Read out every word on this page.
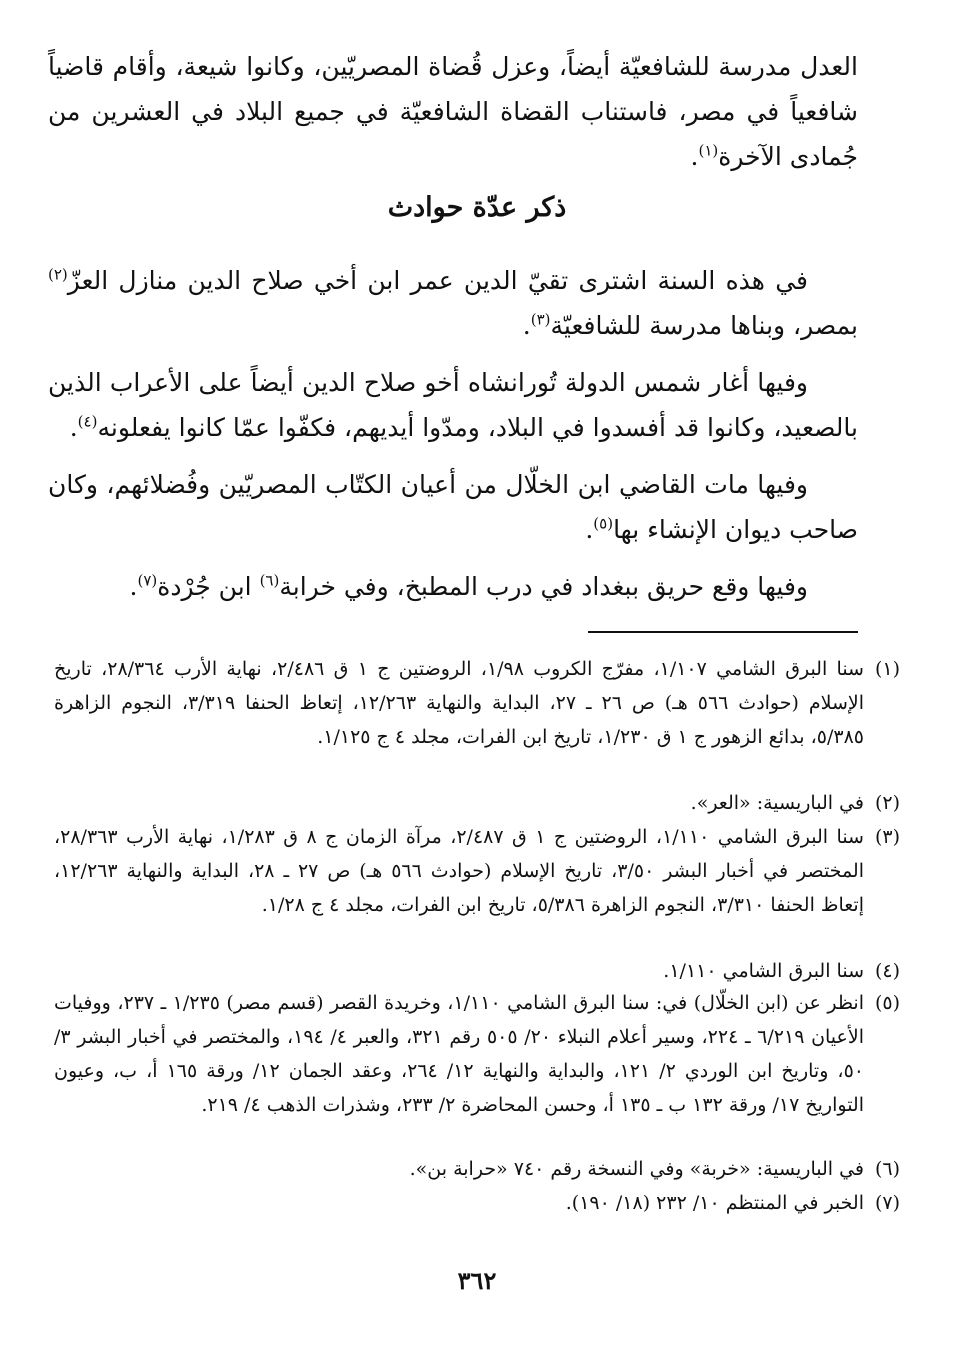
العدل مدرسة للشافعيّة أيضاً، وعزل قُضاة المصريّين، وكانوا شيعة، وأقام قاضياً شافعياً في مصر، فاستناب القضاة الشافعيّة في جميع البلاد في العشرين من جُمادى الآخرة$^{(١)}$.
ذكر عدّة حوادث
في هذه السنة اشترى تقيّ الدين عمر ابن أخي صلاح الدين منازل العزّ$^{(٢)}$ بمصر، وبناها مدرسة للشافعيّة$^{(٣)}$.
وفيها أغار شمس الدولة تُورانشاه أخو صلاح الدين أيضاً على الأعراب الذين بالصعيد، وكانوا قد أفسدوا في البلاد، ومدّوا أيديهم، فكفّوا عمّا كانوا يفعلونه$^{(٤)}$.
وفيها مات القاضي ابن الخلّال من أعيان الكتّاب المصريّين وفُضلائهم، وكان صاحب ديوان الإنشاء بها$^{(٥)}$.
وفيها وقع حريق ببغداد في درب المطبخ، وفي خرابة$^{(٦)}$ ابن جُرْدة$^{(٧)}$.
(١)
سنا البرق الشامي ١/١٠٧، مفرّج الكروب ١/٩٨، الروضتين ج ١ ق ٢/٤٨٦، نهاية الأرب ٢٨/٣٦٤، تاريخ الإسلام (حوادث ٥٦٦ هـ) ص ٢٦ ـ ٢٧، البداية والنهاية ١٢/٢٦٣، إتعاظ الحنفا ٣/٣١٩، النجوم الزاهرة ٥/٣٨٥، بدائع الزهور ج ١ ق ١/٢٣٠، تاريخ ابن الفرات، مجلد ٤ ج ١/١٢٥.
(٢)
في الباريسية: «العر».
(٣)
سنا البرق الشامي ١/١١٠، الروضتين ج ١ ق ٢/٤٨٧، مرآة الزمان ج ٨ ق ١/٢٨٣، نهاية الأرب ٢٨/٣٦٣، المختصر في أخبار البشر ٣/٥٠، تاريخ الإسلام (حوادث ٥٦٦ هـ) ص ٢٧ ـ ٢٨، البداية والنهاية ١٢/٢٦٣، إتعاظ الحنفا ٣/٣١٠، النجوم الزاهرة ٥/٣٨٦، تاريخ ابن الفرات، مجلد ٤ ج ١/٢٨.
(٤)
سنا البرق الشامي ١/١١٠.
(٥)
انظر عن (ابن الخلّال) في: سنا البرق الشامي ١/١١٠، وخريدة القصر (قسم مصر) ١/٢٣٥ ـ ٢٣٧، ووفيات الأعيان ٦/٢١٩ ـ ٢٢٤، وسير أعلام النبلاء ٢٠/ ٥٠٥ رقم ٣٢١، والعبر ٤/ ١٩٤، والمختصر في أخبار البشر ٣/ ٥٠، وتاريخ ابن الوردي ٢/ ١٢١، والبداية والنهاية ١٢/ ٢٦٤، وعقد الجمان ١٢/ ورقة ١٦٥ أ، ب، وعيون التواريخ ١٧/ ورقة ١٣٢ ب ـ ١٣٥ أ، وحسن المحاضرة ٢/ ٢٣٣، وشذرات الذهب ٤/ ٢١٩.
(٦)
في الباريسية: «خربة» وفي النسخة رقم ٧٤٠ «حرابة بن».
(٧)
الخبر في المنتظم ١٠/ ٢٣٢ (١٨/ ١٩٠).
٣٦٢
